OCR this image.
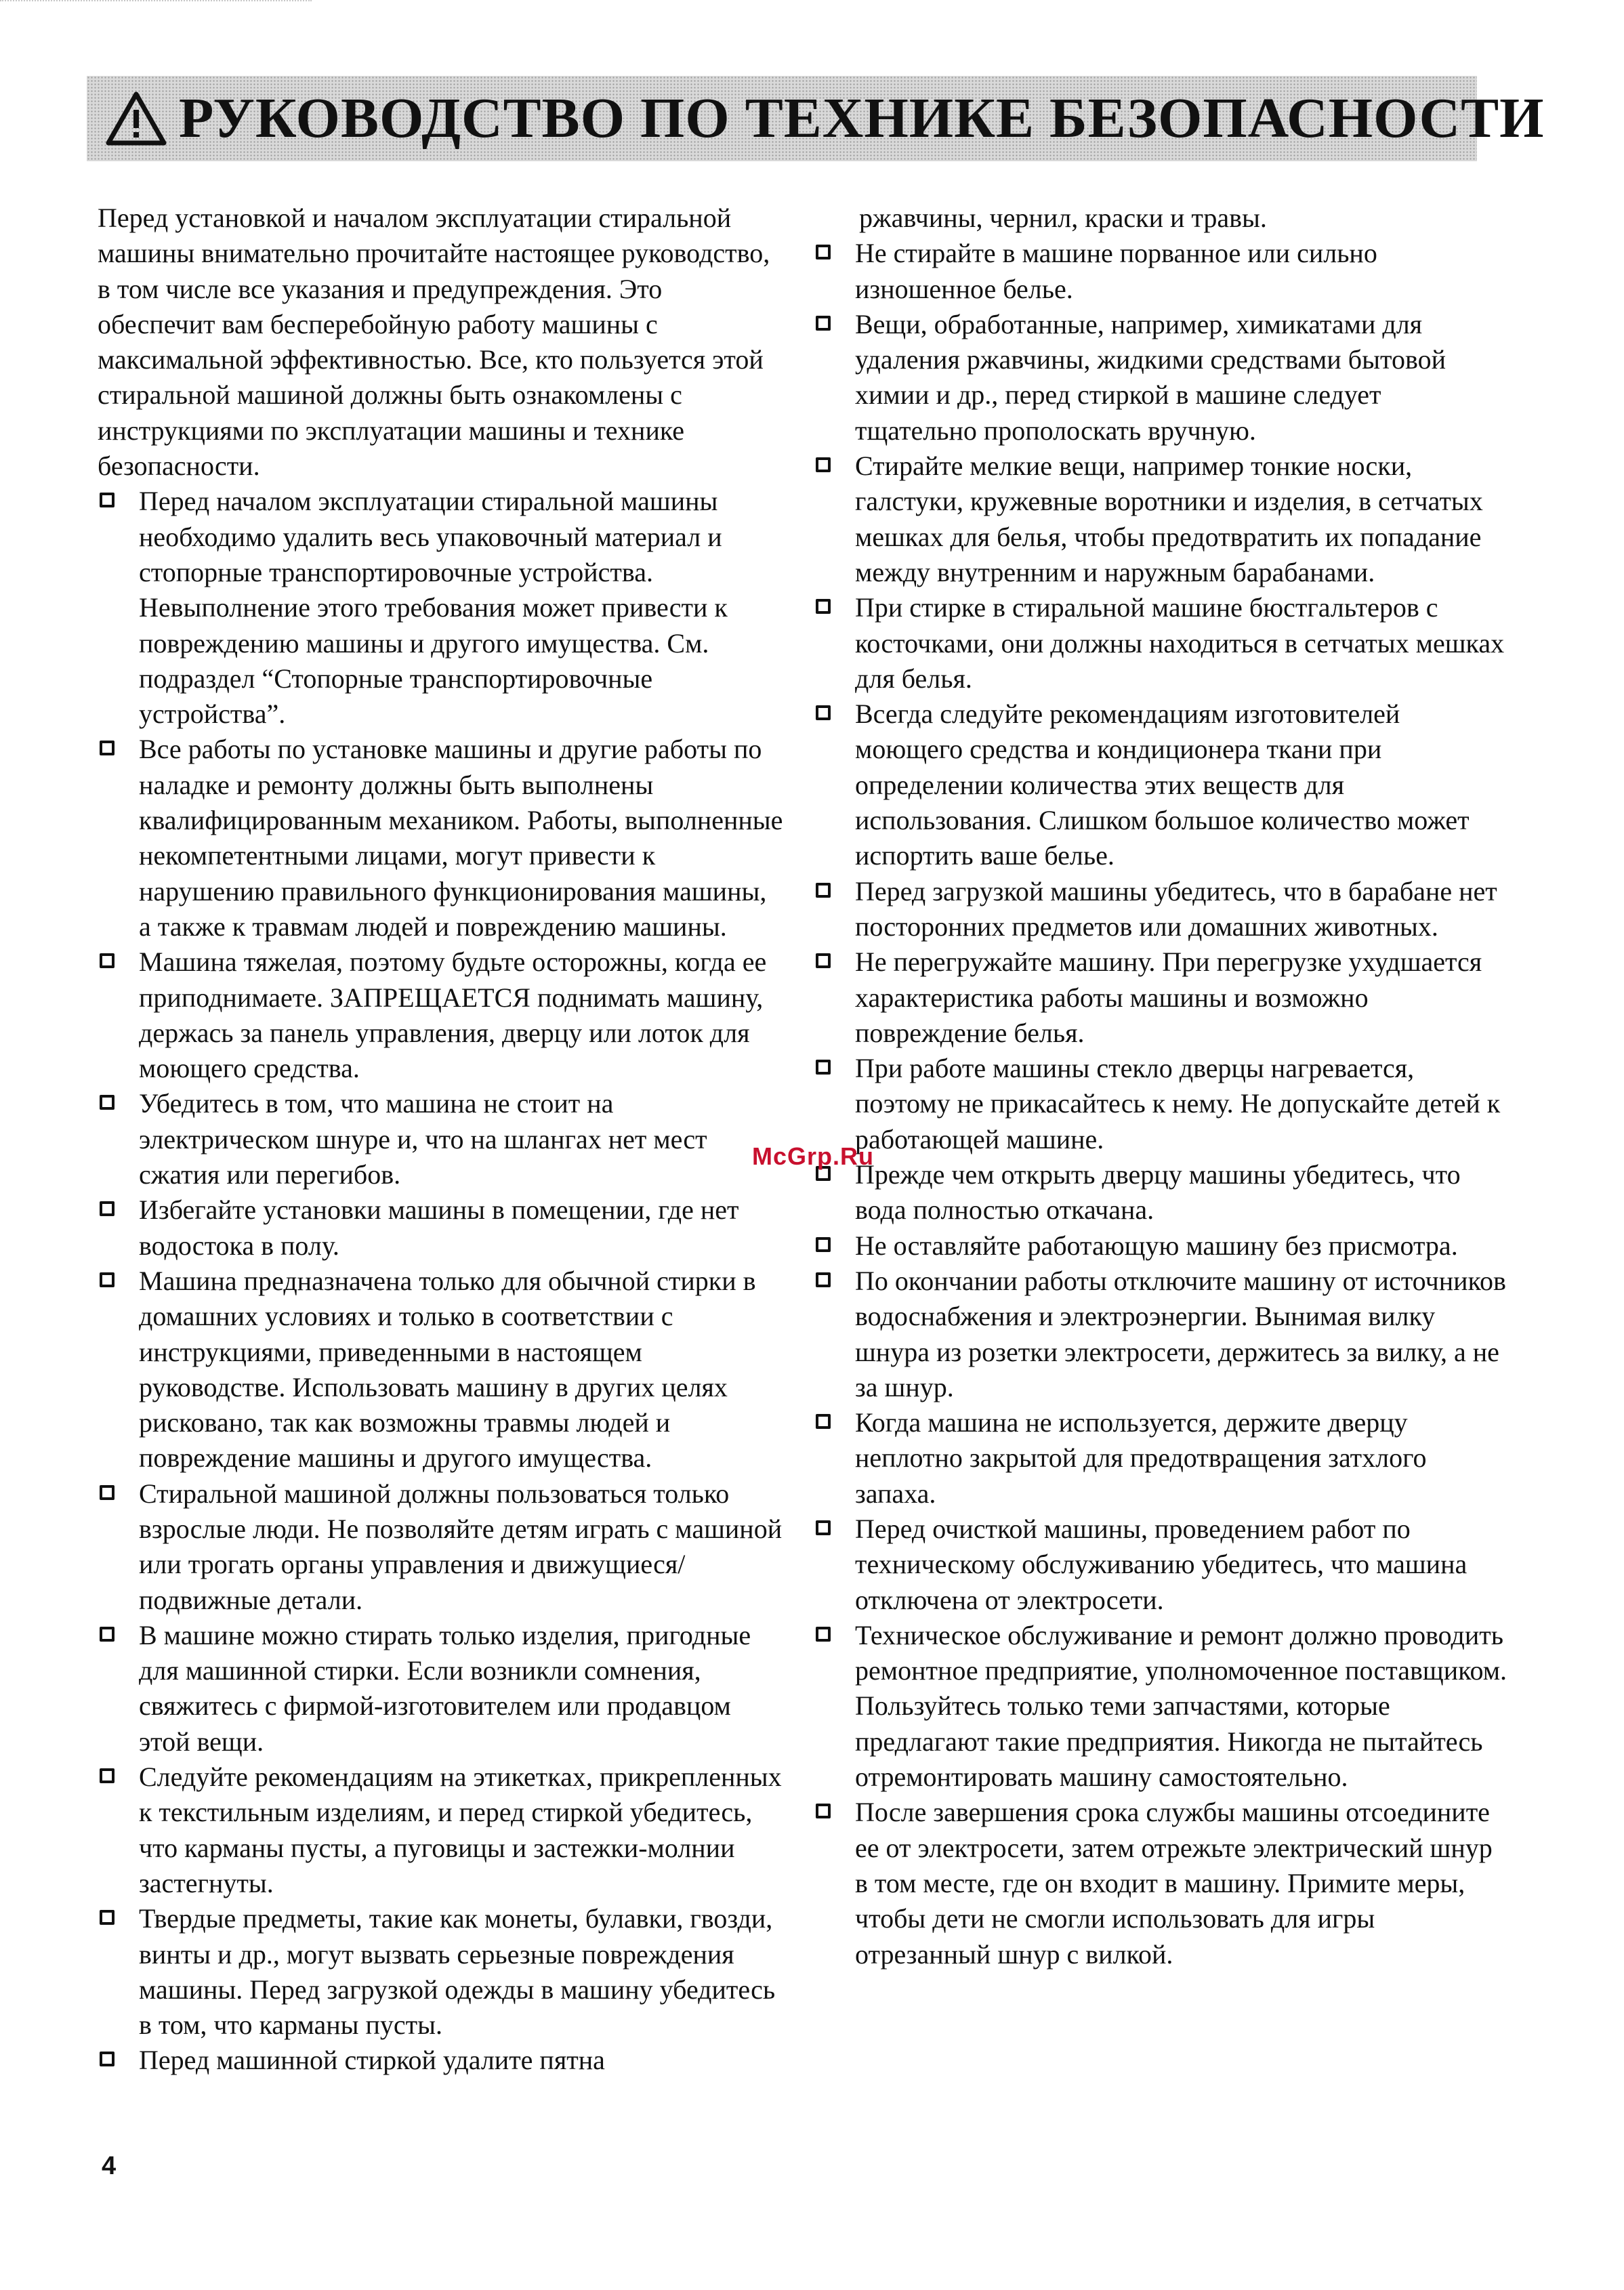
РУКОВОДСТВО ПО ТЕХНИКЕ БЕЗОПАСНОСТИ

Перед установкой и началом эксплуатации стиральной машины внимательно прочитайте настоящее руководство, в том числе все указания и предупреждения. Это обеспечит вам бесперебойную работу машины с максимальной эффективностью. Все, кто пользуется этой стиральной машиной должны быть ознакомлены с инструкциями по эксплуатации машины и технике безопасности.

Перед началом эксплуатации стиральной машины необходимо удалить весь упаковочный материал и стопорные транспортировочные устройства. Невыполнение этого требования может привести к повреждению машины и другого имущества. См. подраздел “Стопорные транспортировочные устройства”.
Все работы по установке машины и другие работы по наладке и ремонту должны быть выполнены квалифицированным механиком. Работы, выполненные некомпетентными лицами, могут привести к нарушению правильного функционирования машины, а также к травмам людей и повреждению машины.
Машина тяжелая, поэтому будьте осторожны, когда ее приподнимаете. ЗАПРЕЩАЕТСЯ поднимать машину, держась за панель управления, дверцу или лоток для моющего средства.
Убедитесь в том, что машина не стоит на электрическом шнуре и, что на шлангах нет мест сжатия или перегибов.
Избегайте установки машины в помещении, где нет водостока в полу.
Машина предназначена только для обычной стирки в домашних условиях и только в соответствии с инструкциями, приведенными в настоящем руководстве. Использовать машину в других целях рисковано, так как возможны травмы людей и повреждение машины и другого имущества.
Стиральной машиной должны пользоваться только взрослые люди. Не позволяйте детям играть с машиной или трогать органы управления и движущиеся/подвижные детали.
В машине можно стирать только изделия, пригодные для машинной стирки. Если возникли сомнения, свяжитесь с фирмой-изготовителем или продавцом этой вещи.
Следуйте рекомендациям на этикетках, прикрепленных к текстильным изделиям, и перед стиркой убедитесь, что карманы пусты, а пуговицы и застежки-молнии застегнуты.
Твердые предметы, такие как монеты, булавки, гвозди, винты и др., могут вызвать серьезные повреждения машины. Перед загрузкой одежды в машину убедитесь в том, что карманы пусты.
Перед машинной стиркой удалите пятна

ржавчины, чернил, краски и травы.

Не стирайте в машине порванное или сильно изношенное белье.
Вещи, обработанные, например, химикатами для удаления ржавчины, жидкими средствами бытовой химии и др., перед стиркой в машине следует тщательно прополоскать вручную.
Стирайте мелкие вещи, например тонкие носки, галстуки, кружевные воротники и изделия, в сетчатых мешках для белья, чтобы предотвратить их попадание между внутренним и наружным барабанами.
При стирке в стиральной машине бюстгальтеров с косточками, они должны находиться в сетчатых мешках для белья.
Всегда следуйте рекомендациям изготовителей моющего средства и кондиционера ткани при определении количества этих веществ для использования. Слишком большое количество может испортить ваше белье.
Перед загрузкой машины убедитесь, что в барабане нет посторонних предметов или домашних животных.
Не перегружайте машину. При перегрузке ухудшается характеристика работы машины и возможно повреждение белья.
При работе машины стекло дверцы нагревается, поэтому не прикасайтесь к нему. Не допускайте детей к работающей машине.
Прежде чем открыть дверцу машины убедитесь, что вода полностью откачана.
Не оставляйте работающую машину без присмотра.
По окончании работы отключите машину от источников водоснабжения и электроэнергии. Вынимая вилку шнура из розетки электросети, держитесь за вилку, а не за шнур.
Когда машина не используется, держите дверцу неплотно закрытой для предотвращения затхлого запаха.
Перед очисткой машины, проведением работ по техническому обслуживанию убедитесь, что машина отключена от электросети.
Техническое обслуживание и ремонт должно проводить ремонтное предприятие, уполномоченное поставщиком. Пользуйтесь только теми запчастями, которые предлагают такие предприятия. Никогда не пытайтесь отремонтировать машину самостоятельно.
После завершения срока службы машины отсоедините ее от электросети, затем отрежьте электрический шнур в том месте, где он входит в машину. Примите меры, чтобы дети не смогли использовать для игры отрезанный шнур с вилкой.
McGrp.Ru
4
